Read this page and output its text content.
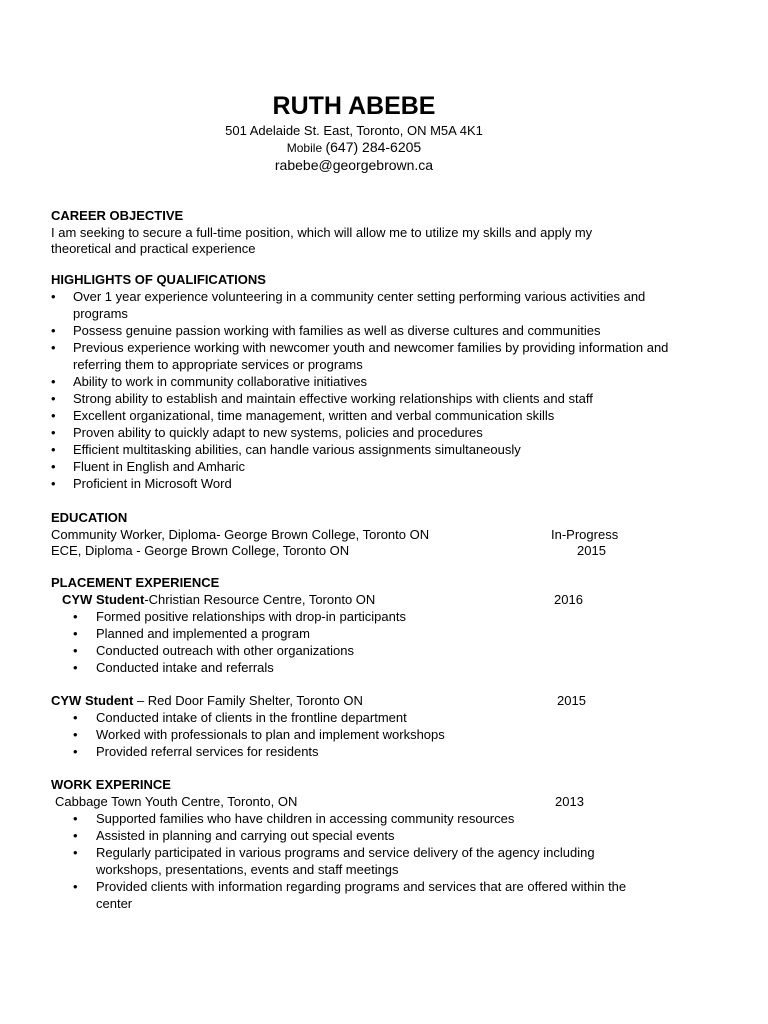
RUTH ABEBE
501 Adelaide St. East, Toronto, ON M5A 4K1
Mobile (647) 284-6205
rabebe@georgebrown.ca
CAREER OBJECTIVE
I am seeking to secure a full-time position, which will allow me to utilize my skills and apply my
theoretical and practical experience
HIGHLIGHTS OF QUALIFICATIONS
• Over 1 year experience volunteering in a community center setting performing various activities and programs
• Possess genuine passion working with families as well as diverse cultures and communities
• Previous experience working with newcomer youth and newcomer families by providing information and referring them to appropriate services or programs
• Ability to work in community collaborative initiatives
• Strong ability to establish and maintain effective working relationships with clients and staff
• Excellent organizational, time management, written and verbal communication skills
• Proven ability to quickly adapt to new systems, policies and procedures
• Efficient multitasking abilities, can handle various assignments simultaneously
• Fluent in English and Amharic
• Proficient in Microsoft Word
EDUCATION
Community Worker, Diploma- George Brown College, Toronto ON	In-Progress
ECE, Diploma - George Brown College, Toronto ON	2015
PLACEMENT EXPERIENCE
CYW Student-Christian Resource Centre, Toronto ON	2016
• Formed positive relationships with drop-in participants
• Planned and implemented a program
• Conducted outreach with other organizations
• Conducted intake and referrals
CYW Student – Red Door Family Shelter, Toronto ON	2015
• Conducted intake of clients in the frontline department
• Worked with professionals to plan and implement workshops
• Provided referral services for residents
WORK EXPERINCE
Cabbage Town Youth Centre, Toronto, ON	2013
• Supported families who have children in accessing community resources
• Assisted in planning and carrying out special events
• Regularly participated in various programs and service delivery of the agency including workshops, presentations, events and staff meetings
• Provided clients with information regarding programs and services that are offered within the center
